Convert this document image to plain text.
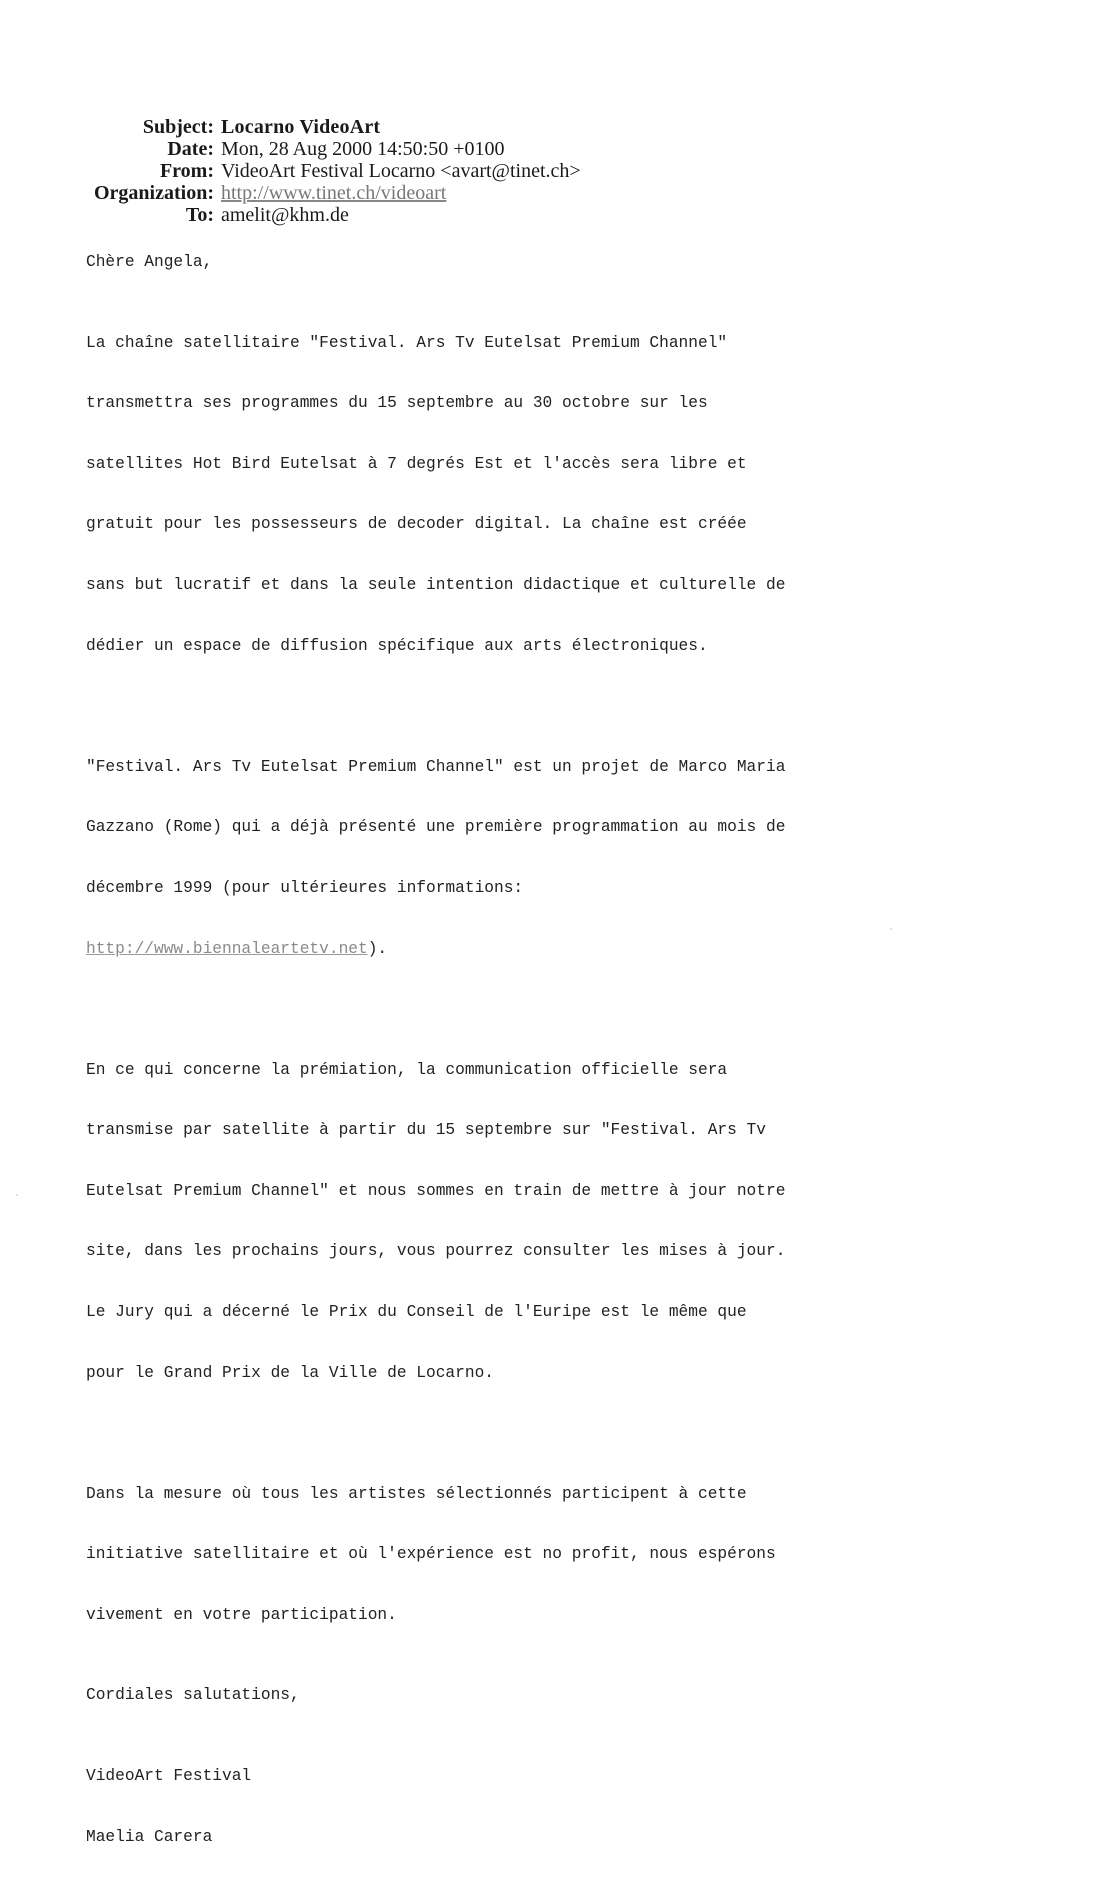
Subject: Locarno VideoArt
Date: Mon, 28 Aug 2000 14:50:50 +0100
From: VideoArt Festival Locarno <avart@tinet.ch>
Organization: http://www.tinet.ch/videoart
To: amelit@khm.de
Chère Angela,

La chaîne satellitaire "Festival. Ars Tv Eutelsat Premium Channel"

transmettra ses programmes du 15 septembre au 30 octobre sur les

satellites Hot Bird Eutelsat à 7 degrés Est et l'accès sera libre et

gratuit pour les possesseurs de decoder digital. La chaîne est créée

sans but lucratif et dans la seule intention didactique et culturelle de

dédier un espace de diffusion spécifique aux arts électroniques.

"Festival. Ars Tv Eutelsat Premium Channel" est un projet de Marco Maria

Gazzano (Rome) qui a déjà présenté une première programmation au mois de

décembre 1999 (pour ultérieures informations:

http://www.biennaleartetv.net).

En ce qui concerne la prémiation, la communication officielle sera

transmise par satellite à partir du 15 septembre sur "Festival. Ars Tv

Eutelsat Premium Channel" et nous sommes en train de mettre à jour notre

site, dans les prochains jours, vous pourrez consulter les mises à jour.

Le Jury qui a décerné le Prix du Conseil de l'Euripe est le même que

pour le Grand Prix de la Ville de Locarno.

Dans la mesure où tous les artistes sélectionnés participent à cette

initiative satellitaire et où l'expérience est no profit, nous espérons

vivement en votre participation.

Cordiales salutations,

VideoArt Festival

Maelia Carera
